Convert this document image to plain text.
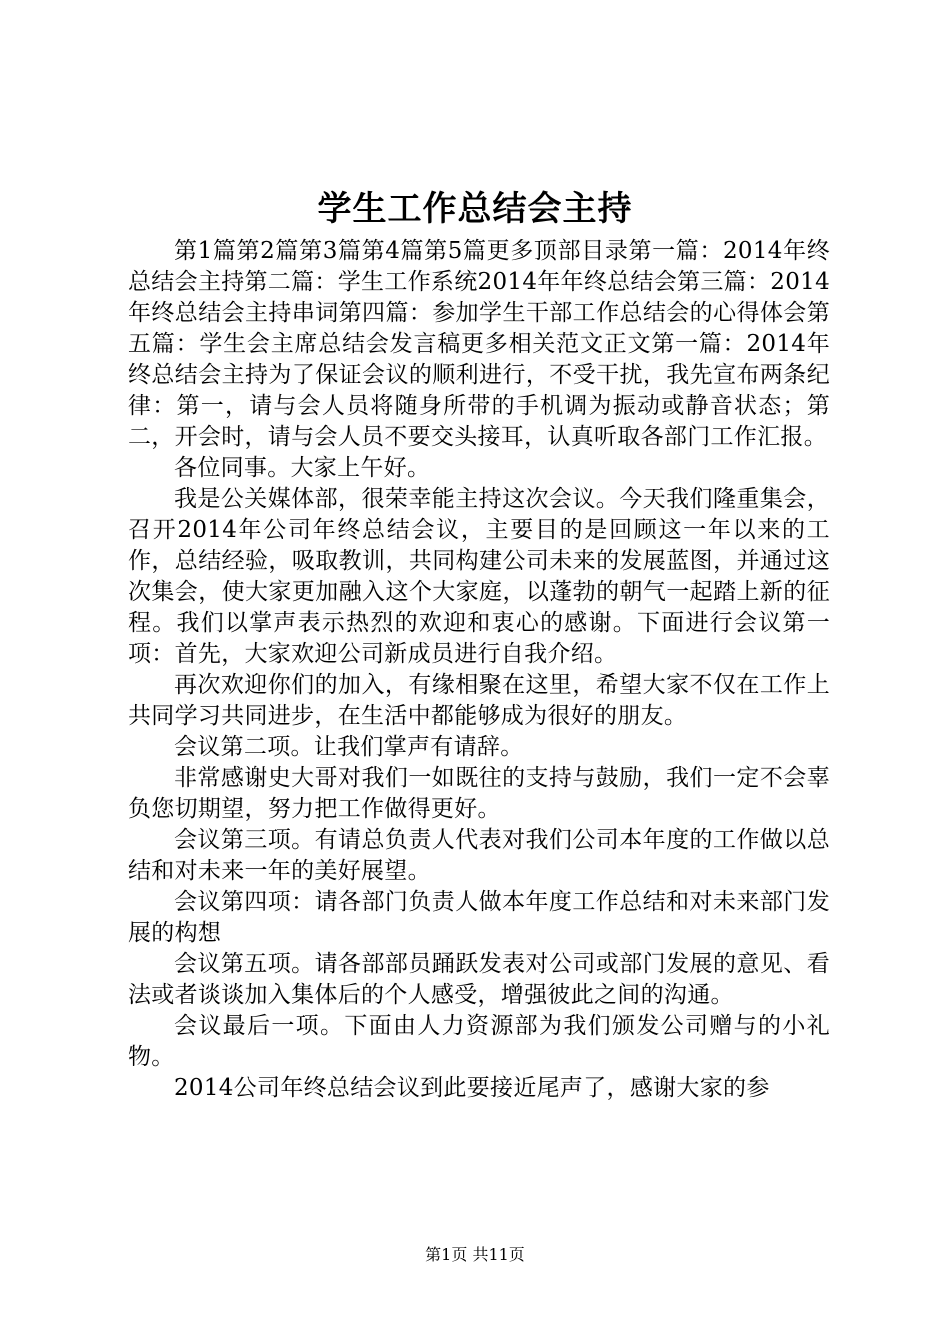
学生工作总结会主持

第1篇第2篇第3篇第4篇第5篇更多顶部目录第一篇：2014年终总结会主持第二篇：学生工作系统2014年年终总结会第三篇：2014年终总结会主持串词第四篇：参加学生干部工作总结会的心得体会第五篇：学生会主席总结会发言稿更多相关范文正文第一篇：2014年终总结会主持为了保证会议的顺利进行，不受干扰，我先宣布两条纪律：第一，请与会人员将随身所带的手机调为振动或静音状态；第二，开会时，请与会人员不要交头接耳，认真听取各部门工作汇报。

各位同事。大家上午好。

我是公关媒体部，很荣幸能主持这次会议。今天我们隆重集会，召开2014年公司年终总结会议，主要目的是回顾这一年以来的工作，总结经验，吸取教训，共同构建公司未来的发展蓝图，并通过这次集会，使大家更加融入这个大家庭，以蓬勃的朝气一起踏上新的征程。我们以掌声表示热烈的欢迎和衷心的感谢。下面进行会议第一项：首先，大家欢迎公司新成员进行自我介绍。

再次欢迎你们的加入，有缘相聚在这里，希望大家不仅在工作上共同学习共同进步，在生活中都能够成为很好的朋友。

会议第二项。让我们掌声有请辞。

非常感谢史大哥对我们一如既往的支持与鼓励，我们一定不会辜负您切期望，努力把工作做得更好。

会议第三项。有请总负责人代表对我们公司本年度的工作做以总结和对未来一年的美好展望。

会议第四项：请各部门负责人做本年度工作总结和对未来部门发展的构想

会议第五项。请各部部员踊跃发表对公司或部门发展的意见、看法或者谈谈加入集体后的个人感受，增强彼此之间的沟通。

会议最后一项。下面由人力资源部为我们颁发公司赠与的小礼物。

2014公司年终总结会议到此要接近尾声了，感谢大家的参

第1页 共11页
